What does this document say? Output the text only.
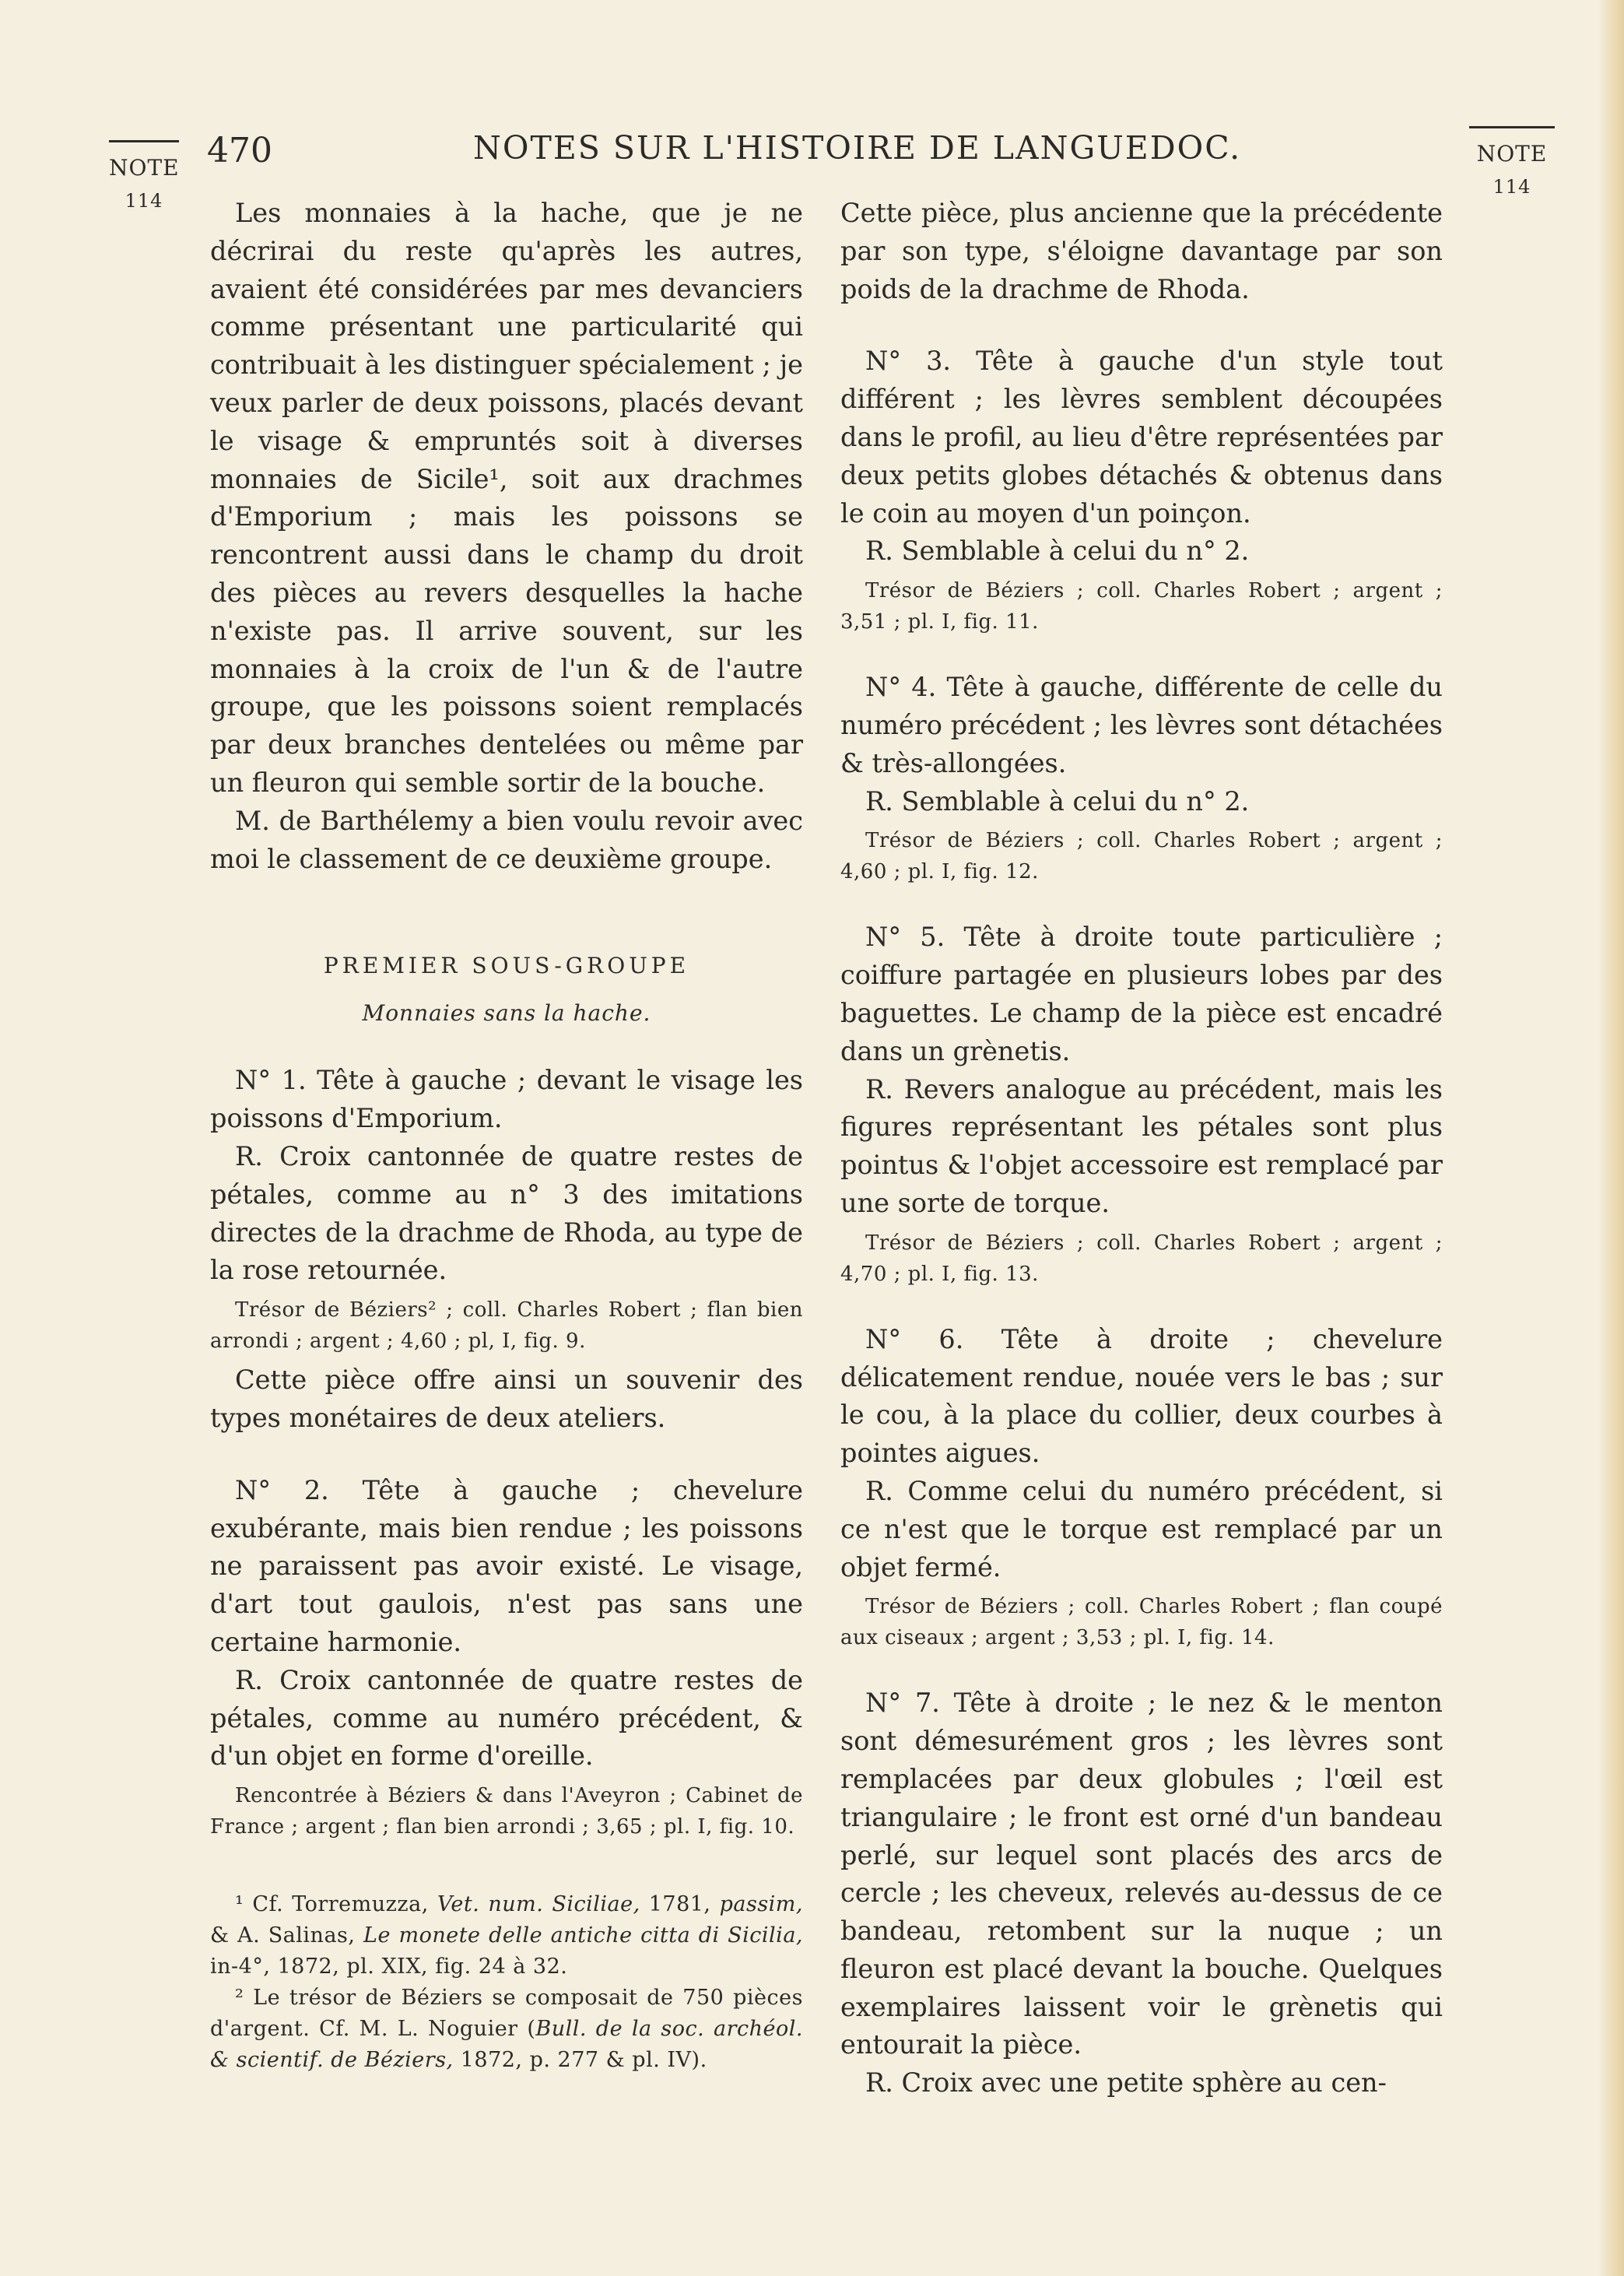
470	NOTES SUR L'HISTOIRE DE LANGUEDOC.
NOTE
114
NOTE
114

Les monnaies à la hache, que je ne décrirai du reste qu'après les autres, avaient été considérées par mes devanciers comme présentant une particularité qui contribuait à les distinguer spécialement ; je veux parler de deux poissons, placés devant le visage & empruntés soit à diverses monnaies de Sicile¹, soit aux drachmes d'Emporium ; mais les poissons se rencontrent aussi dans le champ du droit des pièces au revers desquelles la hache n'existe pas. Il arrive souvent, sur les monnaies à la croix de l'un & de l'autre groupe, que les poissons soient remplacés par deux branches dentelées ou même par un fleuron qui semble sortir de la bouche.

M. de Barthélemy a bien voulu revoir avec moi le classement de ce deuxième groupe.

PREMIER SOUS-GROUPE

Monnaies sans la hache.

N° 1. Tête à gauche ; devant le visage les poissons d'Emporium.

R. Croix cantonnée de quatre restes de pétales, comme au n° 3 des imitations directes de la drachme de Rhoda, au type de la rose retournée.

Trésor de Béziers² ; coll. Charles Robert ; flan bien arrondi ; argent ; 4,60 ; pl, I, fig. 9.

Cette pièce offre ainsi un souvenir des types monétaires de deux ateliers.

N° 2. Tête à gauche ; chevelure exubérante, mais bien rendue ; les poissons ne paraissent pas avoir existé. Le visage, d'art tout gaulois, n'est pas sans une certaine harmonie.

R. Croix cantonnée de quatre restes de pétales, comme au numéro précédent, & d'un objet en forme d'oreille.

Rencontrée à Béziers & dans l'Aveyron ; Cabinet de France ; argent ; flan bien arrondi ; 3,65 ; pl. I, fig. 10.

¹ Cf. Torremuzza, Vet. num. Siciliae, 1781, passim, & A. Salinas, Le monete delle antiche citta di Sicilia, in-4°, 1872, pl. XIX, fig. 24 à 32.

² Le trésor de Béziers se composait de 750 pièces d'argent. Cf. M. L. Noguier (Bull. de la soc. archéol. & scientif. de Béziers, 1872, p. 277 & pl. IV).

Cette pièce, plus ancienne que la précédente par son type, s'éloigne davantage par son poids de la drachme de Rhoda.

N° 3. Tête à gauche d'un style tout différent ; les lèvres semblent découpées dans le profil, au lieu d'être représentées par deux petits globes détachés & obtenus dans le coin au moyen d'un poinçon.

R. Semblable à celui du n° 2.

Trésor de Béziers ; coll. Charles Robert ; argent ; 3,51 ; pl. I, fig. 11.

N° 4. Tête à gauche, différente de celle du numéro précédent ; les lèvres sont détachées & très-allongées.

R. Semblable à celui du n° 2.

Trésor de Béziers ; coll. Charles Robert ; argent ; 4,60 ; pl. I, fig. 12.

N° 5. Tête à droite toute particulière ; coiffure partagée en plusieurs lobes par des baguettes. Le champ de la pièce est encadré dans un grènetis.

R. Revers analogue au précédent, mais les figures représentant les pétales sont plus pointus & l'objet accessoire est remplacé par une sorte de torque.

Trésor de Béziers ; coll. Charles Robert ; argent ; 4,70 ; pl. I, fig. 13.

N° 6. Tête à droite ; chevelure délicatement rendue, nouée vers le bas ; sur le cou, à la place du collier, deux courbes à pointes aigues.

R. Comme celui du numéro précédent, si ce n'est que le torque est remplacé par un objet fermé.

Trésor de Béziers ; coll. Charles Robert ; flan coupé aux ciseaux ; argent ; 3,53 ; pl. I, fig. 14.

N° 7. Tête à droite ; le nez & le menton sont démesurément gros ; les lèvres sont remplacées par deux globules ; l'œil est triangulaire ; le front est orné d'un bandeau perlé, sur lequel sont placés des arcs de cercle ; les cheveux, relevés au-dessus de ce bandeau, retombent sur la nuque ; un fleuron est placé devant la bouche. Quelques exemplaires laissent voir le grènetis qui entourait la pièce.

R. Croix avec une petite sphère au cen-
